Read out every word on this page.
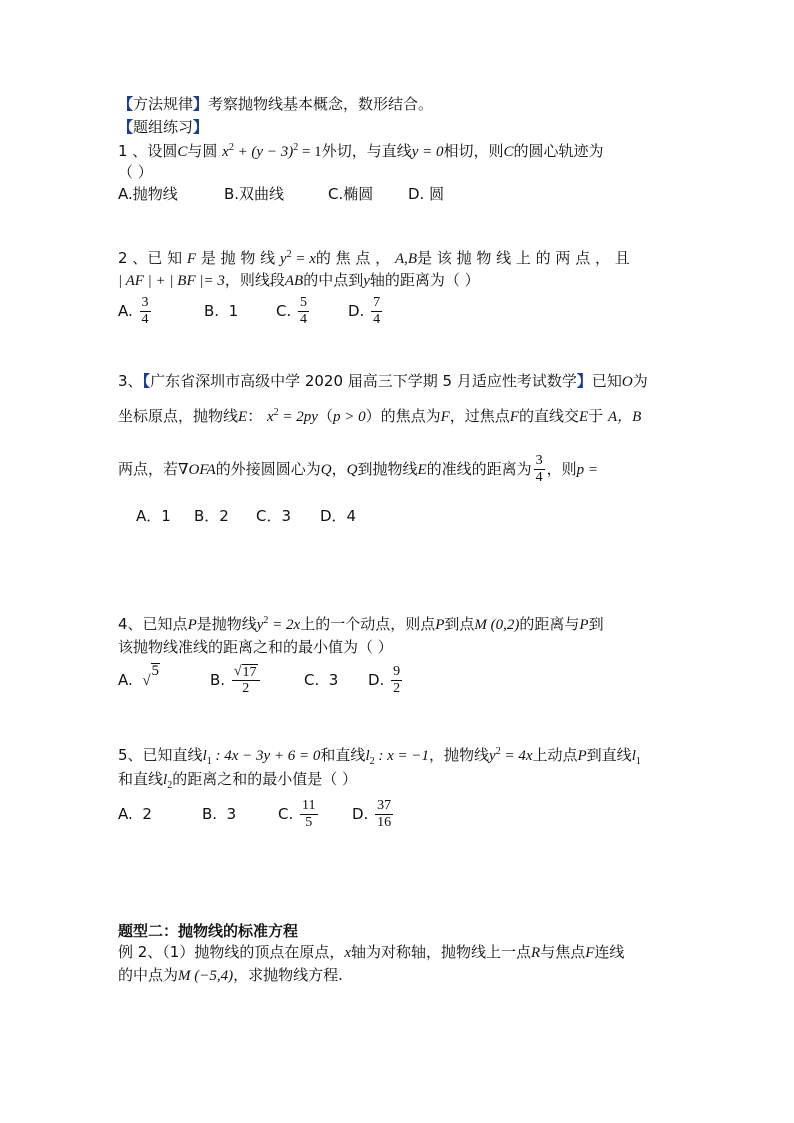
【方法规律】考察抛物线基本概念，数形结合。
【题组练习】
1 、设圆C与圆 $x^2 + (y - 3)^2 = 1$外切，与直线y = 0相切，则C的圆心轨迹为
（ ）
A.抛物线	B.双曲线	C.椭圆 D. 圆
2 、已 知 F 是 抛 物 线 $y^2 = x$的 焦 点 ， A,B是 该 抛 物 线 上 的 两 点 ， 且
| AF | + | BF |= 3，则线段AB的中点到y轴的距离为（ ）
A. $\frac{3}{4}$	B. 1	C. $\frac{5}{4}$	D. $\frac{7}{4}$
3、【广东省深圳市高级中学 2020 届高三下学期 5 月适应性考试数学】已知O为
坐标原点，抛物线E： $x^2 = 2py(p > 0)$的焦点为F，过焦点F的直线交E于 A，B
两点，若∇OFA的外接圆圆心为Q，Q到抛物线E的准线的距离为 $\frac{3}{4}$ ，则p =
A．1 B．2 C．3 D．4
4、已知点P是抛物线$y^2 = 2x$上的一个动点，则点P到点M (0,2)的距离与P到
该抛物线准线的距离之和的最小值为（ ）
A. √
5	B. $\frac{√ 17}{2}$	C. 3 D. $\frac{9}{2}$
5、已知直线$l_1$ : 4x − 3y + 6 = 0和直线$l_2$ : x = −1，抛物线$y^2 = 4x$上动点P到直线$l_1$
和直线$l_2$的距离之和的最小值是（ ）
A. 2	B. 3	C. $\frac{11}{5} D$. $\frac{37}{16}$
题型二：抛物线的标准方程
例 2、（1）抛物线的顶点在原点，x轴为对称轴，抛物线上一点R与焦点F连线
的中点为M (−5,4)，求抛物线方程.
